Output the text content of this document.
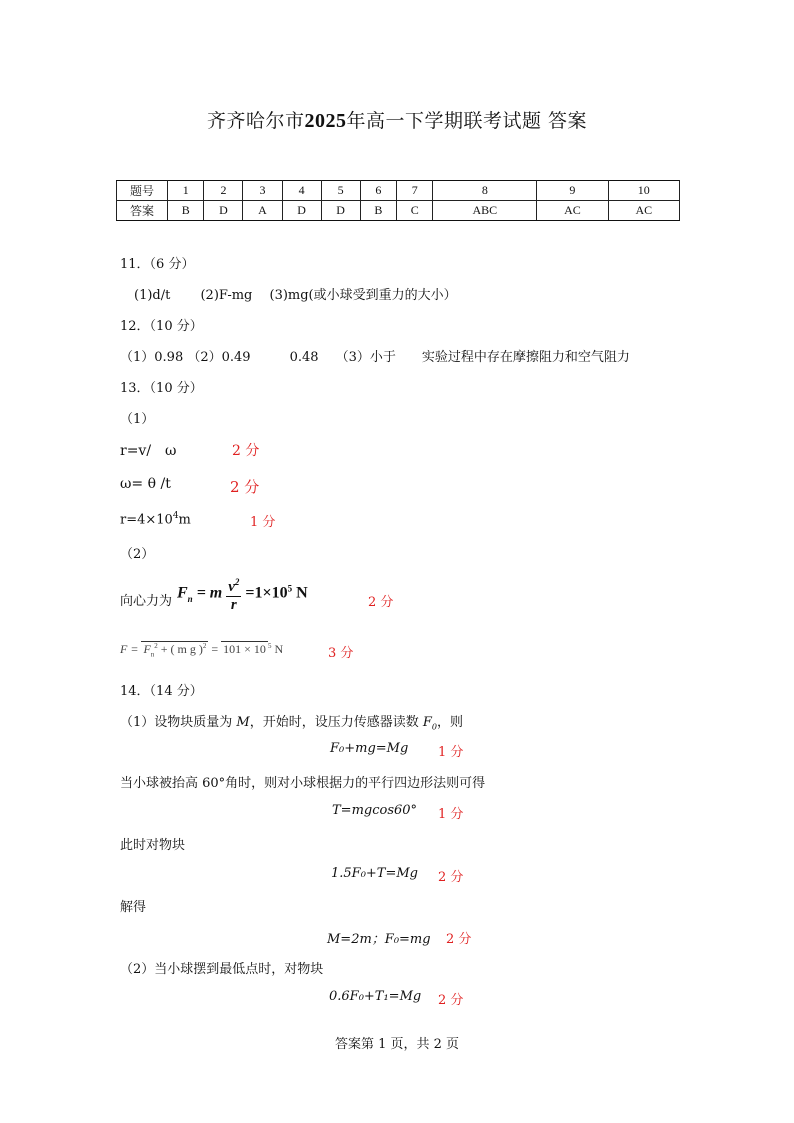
齐齐哈尔市2025年高一下学期联考试题 答案
题号	1	2	3	4	5	6	7	8	9	10
答案	B	D	A	D	D	B	C	ABC	AC	AC
11．（6 分）
(1)d/t　　 (2)F-mg　 (3)mg(或小球受到重力的大小）
12．（10 分）
（1）0.98 （2）0.49　　　0.48　 （3）小于　　实验过程中存在摩擦阻力和空气阻力
13．（10 分）
（1）
r=v/　ω	2 分
ω= θ /t	2 分
$r=4\times 10^4m$	1 分
（2）
向心力为 $F_n = m \frac{v^2}{r} =1\times 10^5$ N
2 分
$F = F_n^2$ + ( m g )$^2$ = 101 × 10 $^5$ N	3 分
14．（14 分）
（1）设物块质量为 M，开始时，设压力传感器读数 $F_0$，则
F₀+mg=Mg 1 分
当小球被抬高 60°角时，则对小球根据力的平行四边形法则可得
T=mgcos60° 1 分
此时对物块
1.5F₀+T=Mg 2 分
解得
M=2m；F₀=mg 2 分
（2）当小球摆到最低点时，对物块
0.6F₀+T₁=Mg 2 分
答案第 1 页，共 2 页
